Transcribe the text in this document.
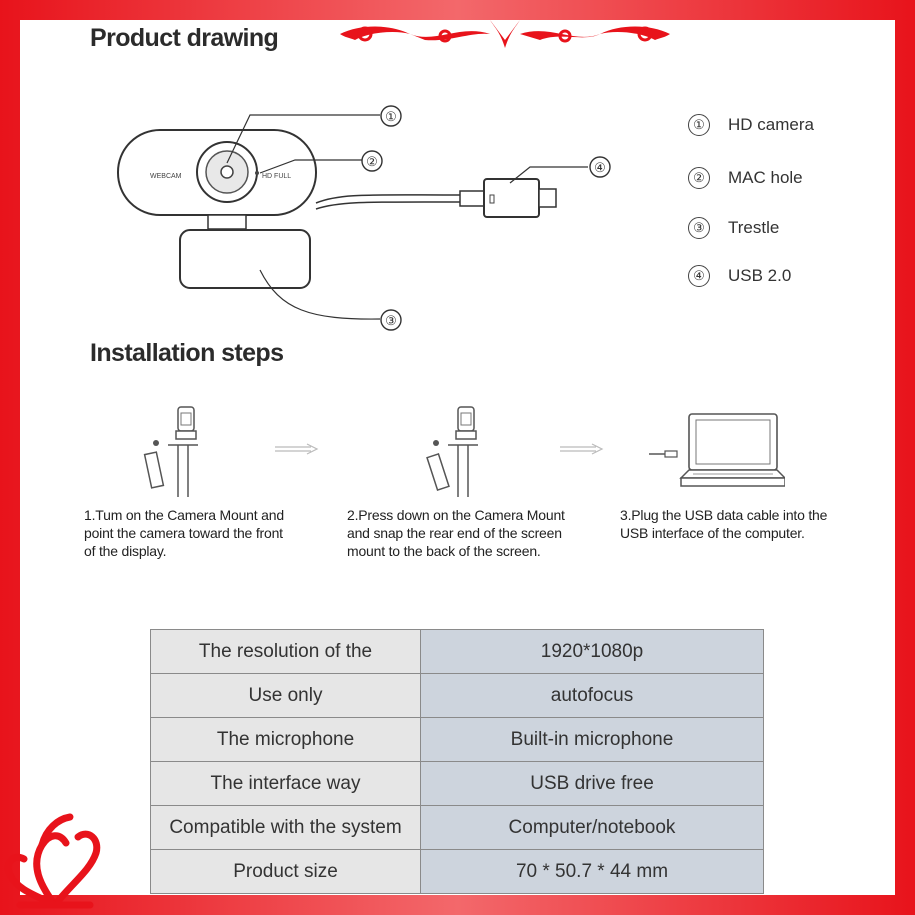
Product drawing
WEBCAM	HD FULL
①
②
③
④
①	HD camera
②	MAC hole
③	Trestle
④	USB 2.0
Installation steps
1.Tum on the Camera Mount and
point the camera toward the front
of the display.
2.Press down on the Camera Mount
and snap the rear end of the screen
mount to the back of the screen.
3.Plug the USB data cable into the
USB interface of the computer.
The resolution of the	1920*1080p
Use only	autofocus
The microphone	Built-in microphone
The interface way	USB drive free
Compatible with the system	Computer/notebook
Product size	70 * 50.7 * 44 mm
